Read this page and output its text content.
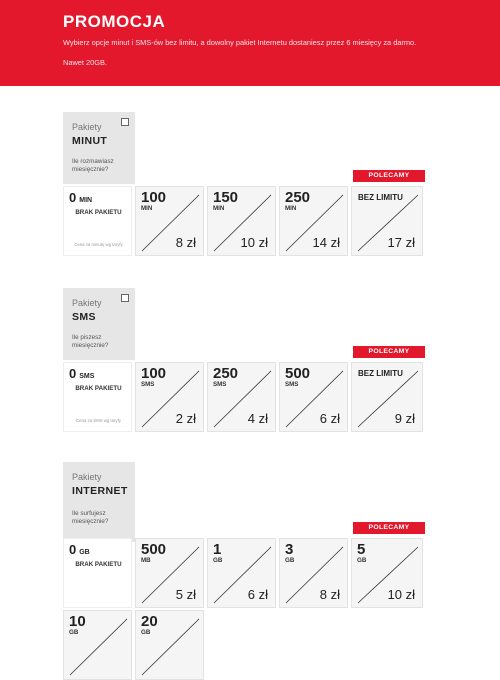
PROMOCJA

Wybierz opcje minut i SMS-ów bez limitu, a dowolny pakiet Internetu dostaniesz przez 6 miesięcy za darmo. Nawet 20GB.

Pakiety
MINUT
Ile rozmawiasz miesięcznie?
POLECAMY
0 MIN
BRAK PAKIETU
Cena za minutę wg taryfy
100
MIN
8 zł
150
MIN
10 zł
250
MIN
14 zł
BEZ LIMITU
17 zł
Pakiety
SMS
Ile piszesz miesięcznie?
POLECAMY
0 SMS
BRAK PAKIETU
Cena za SMS wg taryfy
100
SMS
2 zł
250
SMS
4 zł
500
SMS
6 zł
BEZ LIMITU
9 zł
Pakiety
INTERNET
Ile surfujesz miesięcznie?
POLECAMY
0 GB
BRAK PAKIETU
500
MB
5 zł
1
GB
6 zł
3
GB
8 zł
5
GB
10 zł
10
GB
20
GB
